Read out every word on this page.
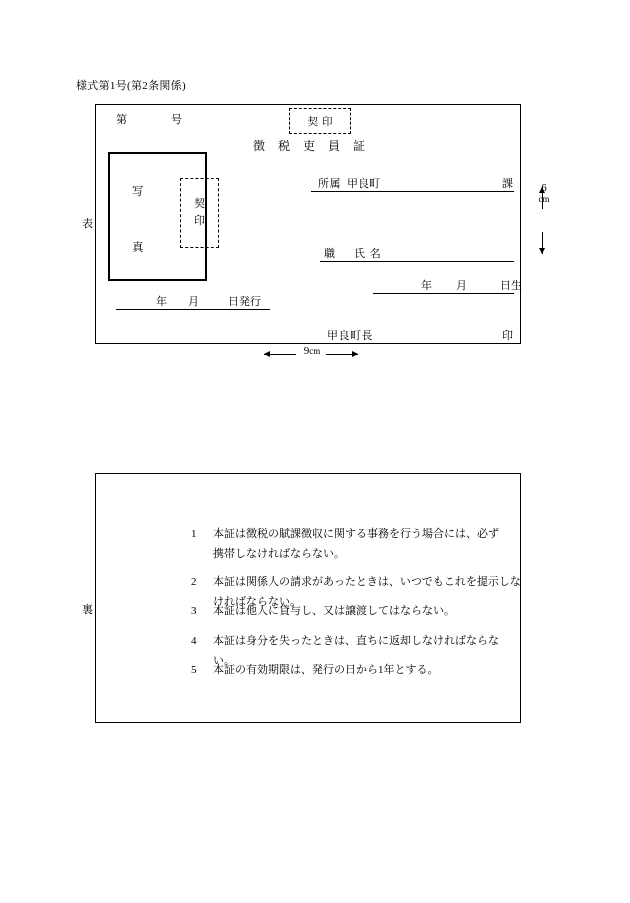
様式第1号(第2条関係)
表
第	号	契印
徴 税 吏 員 証
写
真
契
印
所属 甲良町	課
職 氏 名
年 月	日生
年 月	日発行
甲良町長	印
6
cm
9cm
裏
1	本証は徴税の賦課徴収に関する事務を行う場合には、必ず携帯しなければならない。
2	本証は関係人の請求があったときは、いつでもこれを提示しなければならない。
3	本証は他人に貸与し、又は譲渡してはならない。
4	本証は身分を失ったときは、直ちに返却しなければならない。
5	本証の有効期限は、発行の日から1年とする。
